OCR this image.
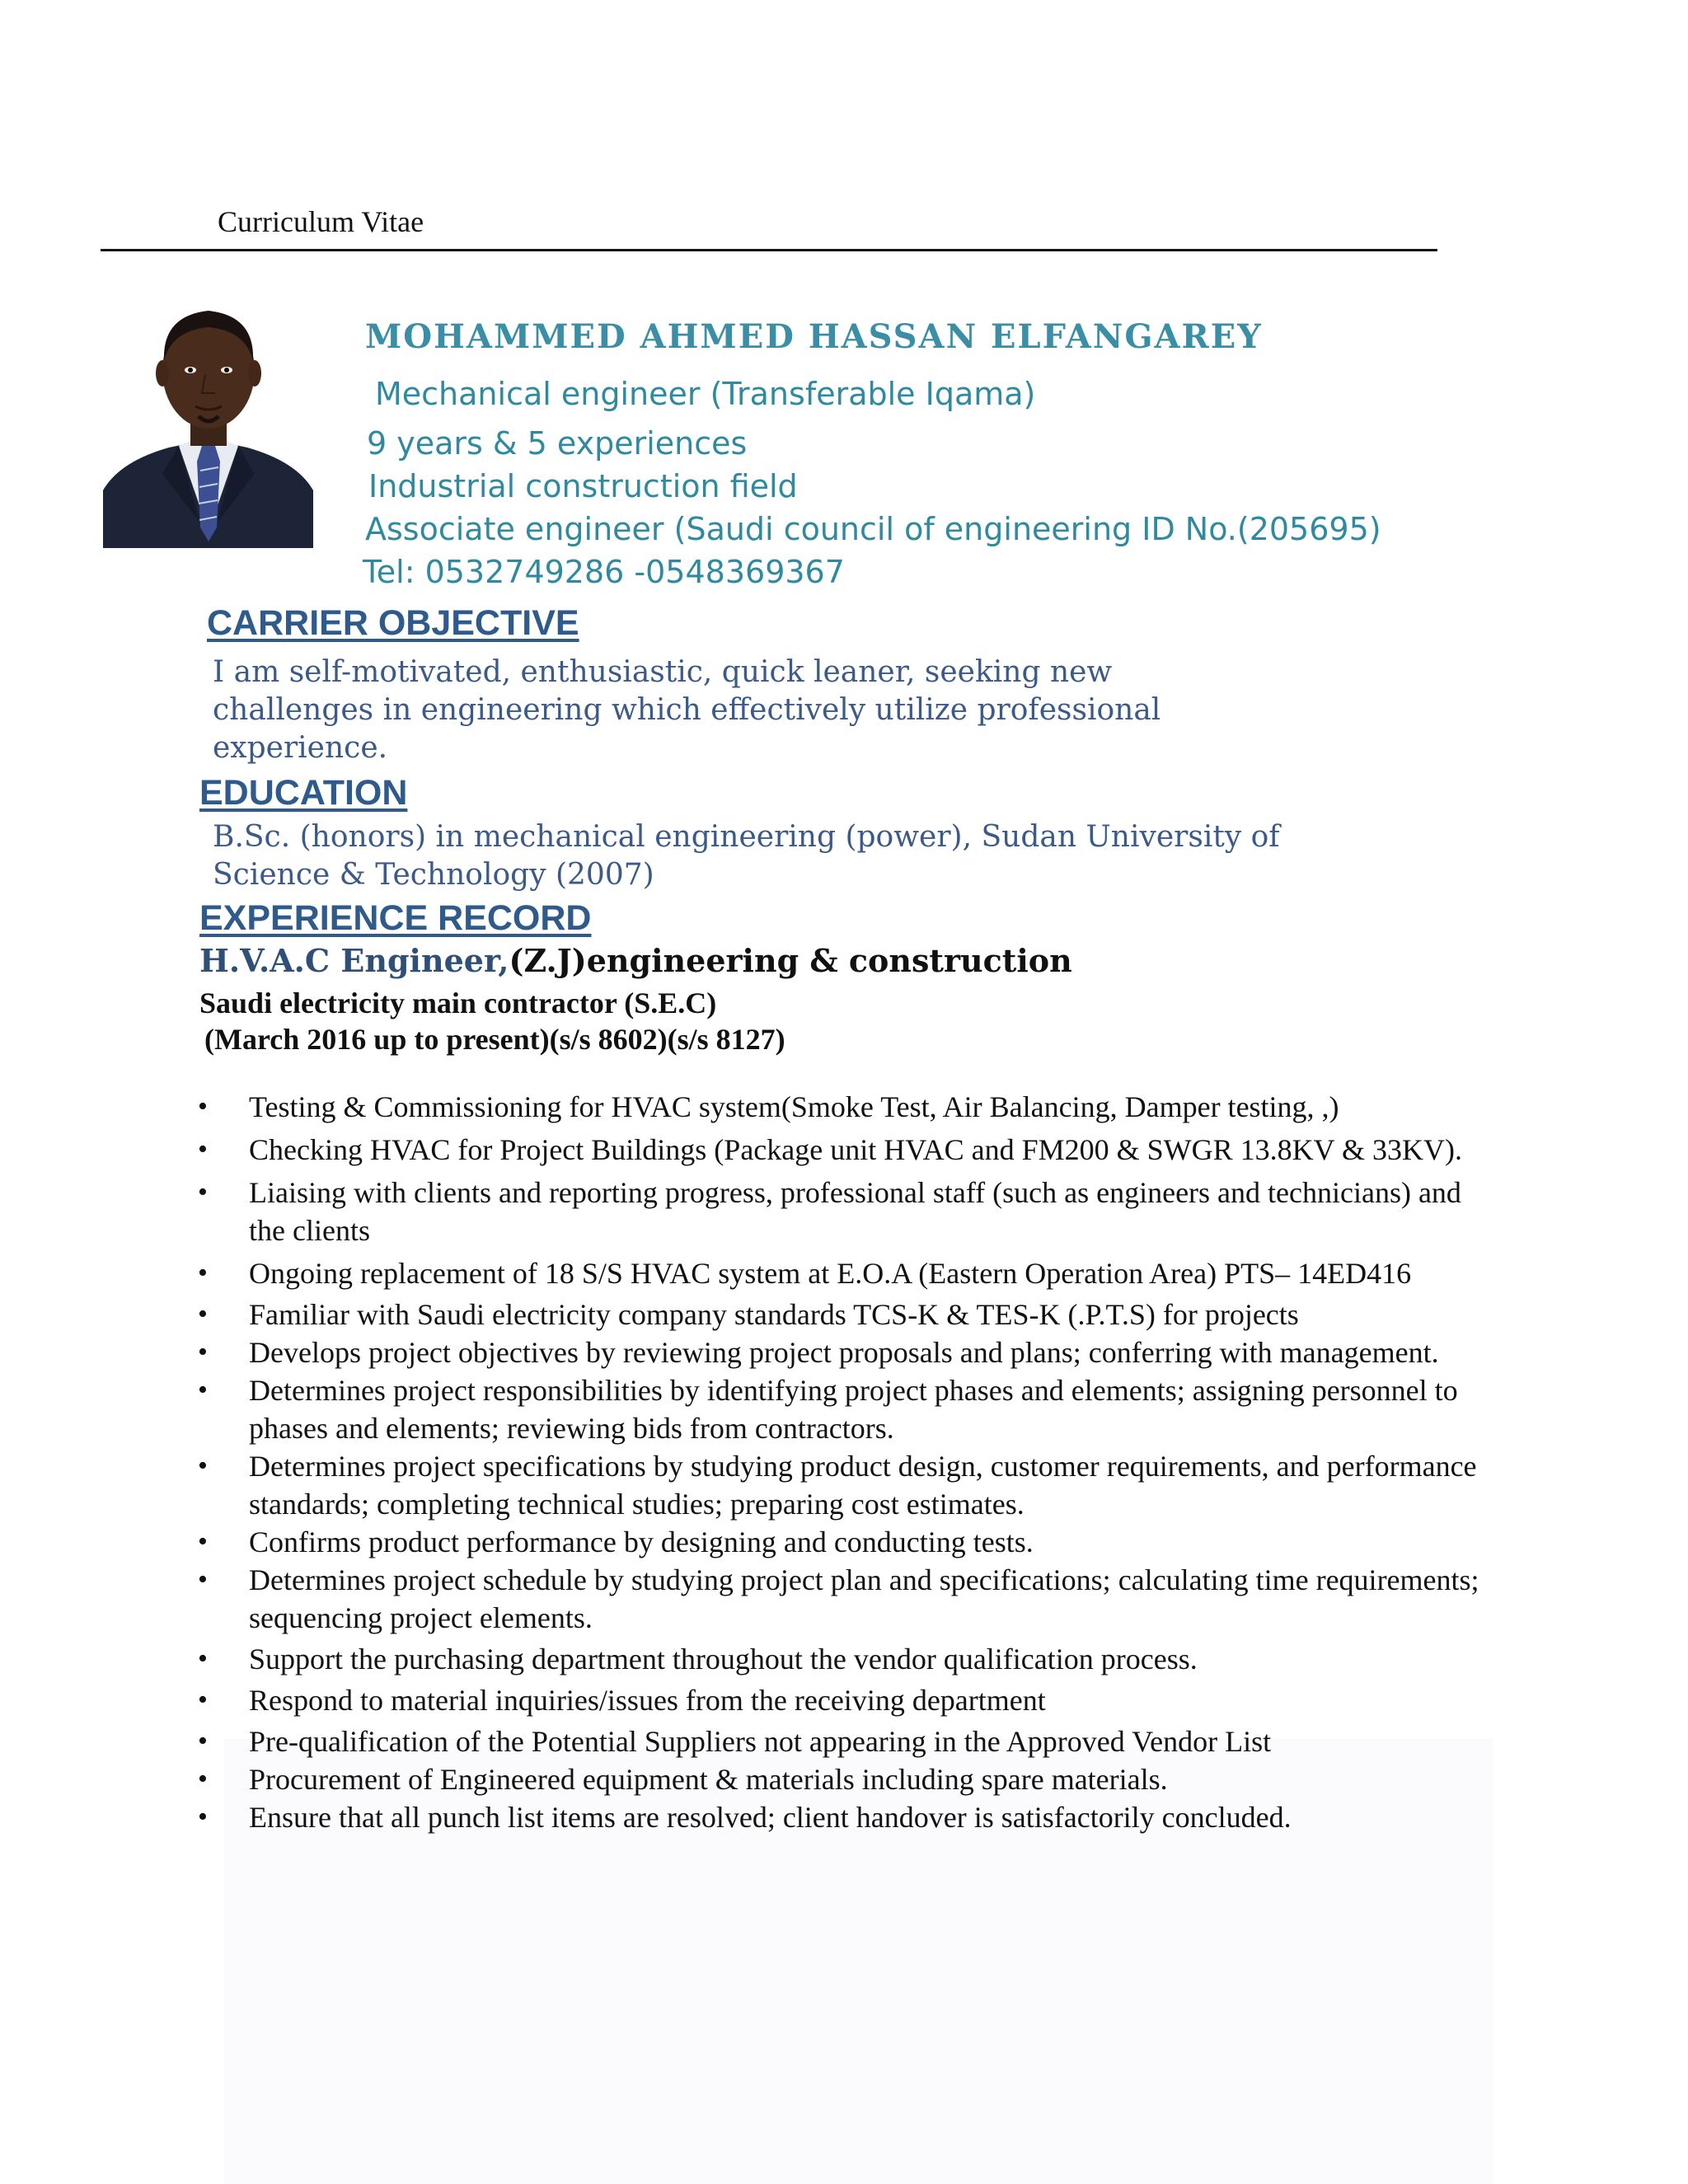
Curriculum Vitae
MOHAMMED AHMED HASSAN ELFANGAREY
Mechanical engineer (Transferable Iqama)
9 years & 5 experiences
Industrial construction field
Associate engineer (Saudi council of engineering ID No.(205695)
Tel: 0532749286 -0548369367
CARRIER OBJECTIVE
I am self-motivated, enthusiastic, quick leaner, seeking new
challenges in engineering which effectively utilize professional
experience.
EDUCATION
B.Sc. (honors) in mechanical engineering (power), Sudan University of
Science & Technology (2007)
EXPERIENCE RECORD
H.V.A.C Engineer,(Z.J)engineering & construction
Saudi electricity main contractor (S.E.C)
(March 2016 up to present)(s/s 8602)(s/s 8127)
• Testing & Commissioning for HVAC system(Smoke Test, Air Balancing, Damper testing, ,)
• Checking HVAC for Project Buildings (Package unit HVAC and FM200 & SWGR 13.8KV & 33KV).
• Liaising with clients and reporting progress, professional staff (such as engineers and technicians) and the clients
• Ongoing replacement of 18 S/S HVAC system at E.O.A (Eastern Operation Area) PTS– 14ED416
• Familiar with Saudi electricity company standards TCS-K & TES-K (.P.T.S) for projects
• Develops project objectives by reviewing project proposals and plans; conferring with management.
• Determines project responsibilities by identifying project phases and elements; assigning personnel to phases and elements; reviewing bids from contractors.
• Determines project specifications by studying product design, customer requirements, and performance standards; completing technical studies; preparing cost estimates.
• Confirms product performance by designing and conducting tests.
• Determines project schedule by studying project plan and specifications; calculating time requirements; sequencing project elements.
• Support the purchasing department throughout the vendor qualification process.
• Respond to material inquiries/issues from the receiving department
• Pre-qualification of the Potential Suppliers not appearing in the Approved Vendor List
• Procurement of Engineered equipment & materials including spare materials.
• Ensure that all punch list items are resolved; client handover is satisfactorily concluded.
